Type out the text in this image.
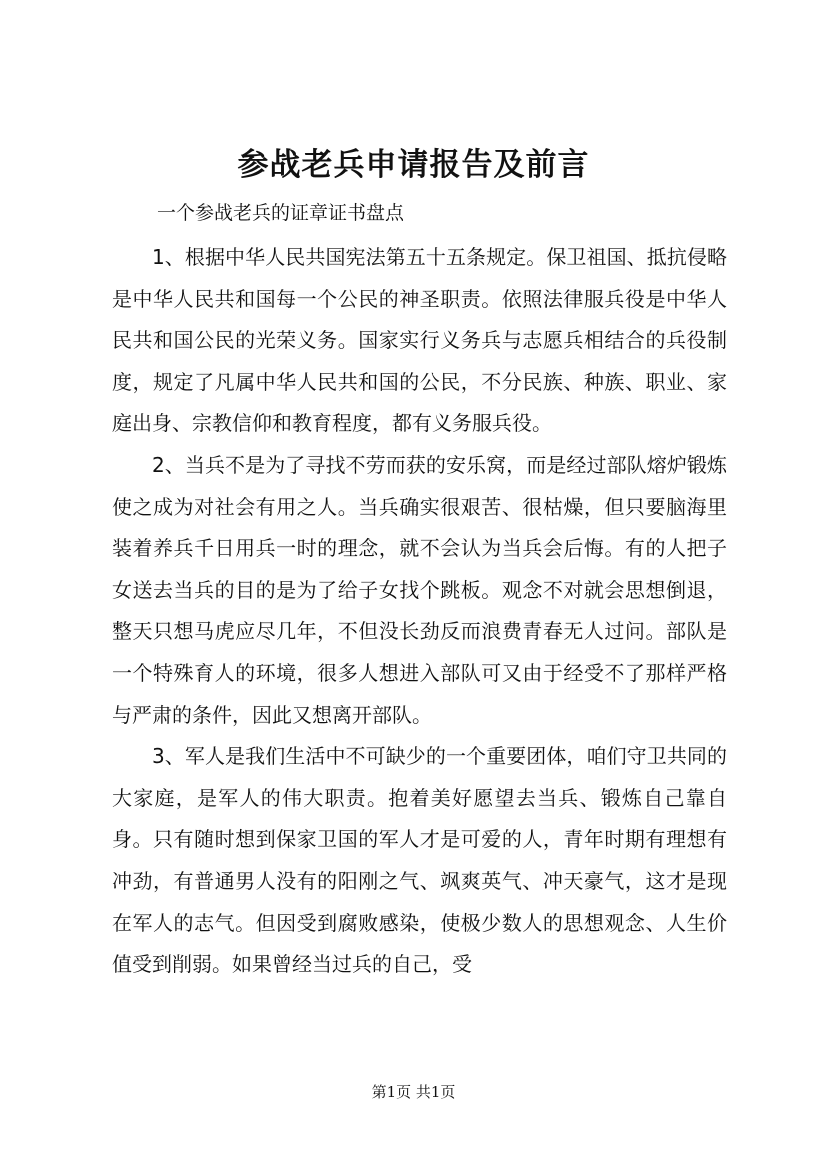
参战老兵申请报告及前言

一个参战老兵的证章证书盘点

1、根据中华人民共国宪法第五十五条规定。保卫祖国、抵抗侵略是中华人民共和国每一个公民的神圣职责。依照法律服兵役是中华人民共和国公民的光荣义务。国家实行义务兵与志愿兵相结合的兵役制度，规定了凡属中华人民共和国的公民，不分民族、种族、职业、家庭出身、宗教信仰和教育程度，都有义务服兵役。

2、当兵不是为了寻找不劳而获的安乐窝，而是经过部队熔炉锻炼使之成为对社会有用之人。当兵确实很艰苦、很枯燥，但只要脑海里装着养兵千日用兵一时的理念，就不会认为当兵会后悔。有的人把子女送去当兵的目的是为了给子女找个跳板。观念不对就会思想倒退，整天只想马虎应尽几年，不但没长劲反而浪费青春无人过问。部队是一个特殊育人的环境，很多人想进入部队可又由于经受不了那样严格与严肃的条件，因此又想离开部队。

3、军人是我们生活中不可缺少的一个重要团体，咱们守卫共同的大家庭，是军人的伟大职责。抱着美好愿望去当兵、锻炼自己靠自身。只有随时想到保家卫国的军人才是可爱的人，青年时期有理想有冲劲，有普通男人没有的阳刚之气、飒爽英气、冲天豪气，这才是现在军人的志气。但因受到腐败感染，使极少数人的思想观念、人生价值受到削弱。如果曾经当过兵的自己，受

第1页 共1页
